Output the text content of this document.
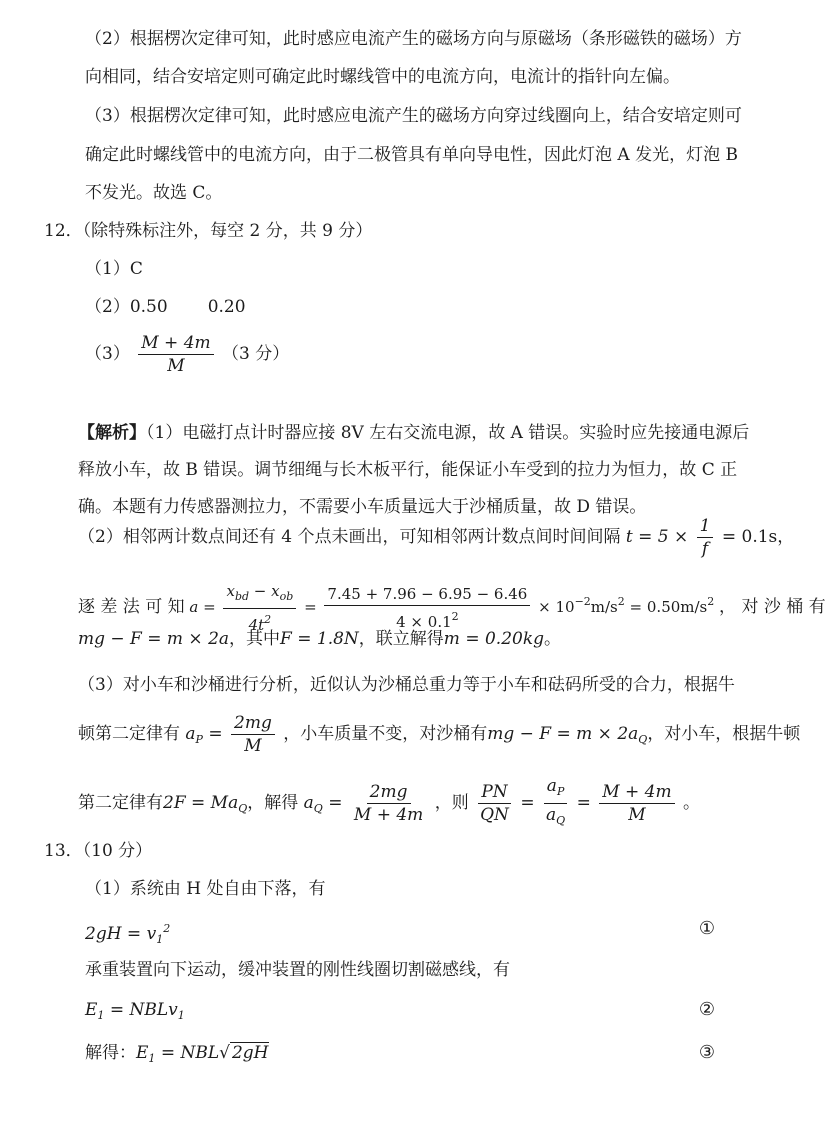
（2）根据楞次定律可知，此时感应电流产生的磁场方向与原磁场（条形磁铁的磁场）方
向相同，结合安培定则可确定此时螺线管中的电流方向，电流计的指针向左偏。
（3）根据楞次定律可知，此时感应电流产生的磁场方向穿过线圈向上，结合安培定则可
确定此时螺线管中的电流方向，由于二极管具有单向导电性，因此灯泡 A 发光，灯泡 B
不发光。故选 C。
12．（除特殊标注外，每空 2 分，共 9 分）
（1）C
（2）0.50 0.20
$(3) \frac{M + 4m}{M} (3$ 分）
【解析】（1）电磁打点计时器应接 8V 左右交流电源，故 A 错误。实验时应先接通电源后
释放小车，故 B 错误。调节细绳与长木板平行，能保证小车受到的拉力为恒力，故 C 正
确。本题有力传感器测拉力，不需要小车质量远大于沙桶质量，故 D 错误。
（2）相邻两计数点间还有 4 个点未画出，可知相邻两计数点间时间间隔 $t = 5 \times \frac{1}{f} = 0.1s$，
逐 差 法 可 知 $a = \frac{x_{bd} - x_{ob}}{4t^2} = \frac{7.45 + 7.96 - 6.95 - 6.46}{4 \times 0.1^2} \times 10^{-2}m/s^2 = 0.50m/s^2$ ， 对 沙 桶 有
mg − F = m × 2a，其中F = 1.8N，联立解得m = 0.20kg。
（3）对小车和沙桶进行分析，近似认为沙桶总重力等于小车和砝码所受的合力，根据牛
顿第二定律有 $a_P = \frac{2mg}{M}$ ，小车质量不变，对沙桶有mg − $F = m \times 2a_Q$，对小车，根据牛顿
第二定律有$2F = Ma_Q$，解得 $a_Q = \frac{2mg}{M + 4m}$ ，则 $\frac{PN}{QN} = \frac{a_P}{a_Q} = \frac{M + 4m}{M}$ 。
13．（10 分）
（1）系统由 H 处自由下落，有
$2gH = v_1^2$	①
承重装置向下运动，缓冲装置的刚性线圈切割磁感线，有
$E_1$ = NBLv$_1$	②
解得：$E_1 = NBL√$ 2gH	③
